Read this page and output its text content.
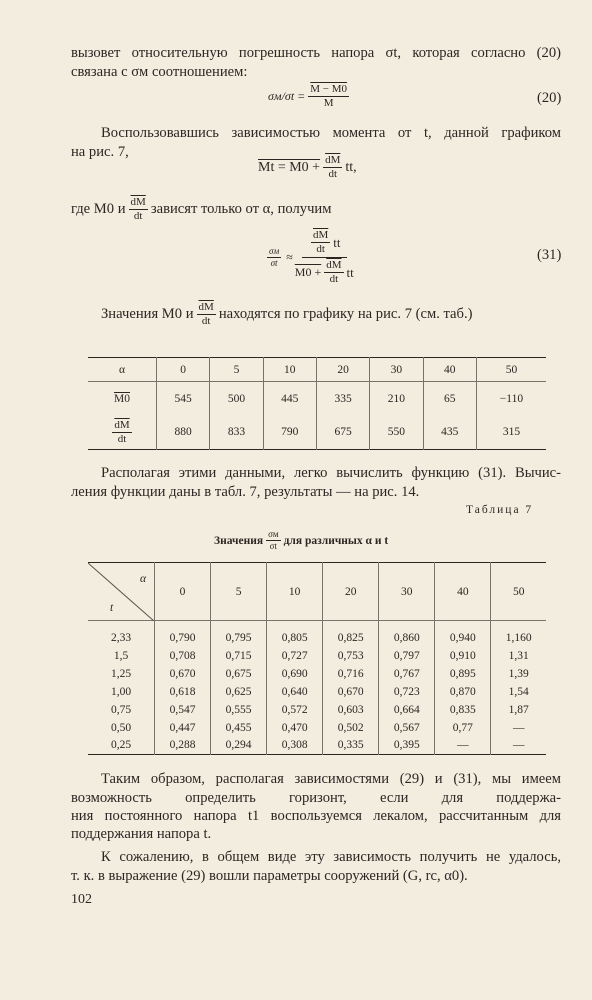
вызовет относительную погрешность напора σt, которая согласно (20)

связана с σм соотношением:

$\sigma м/\sigma t = \frac{M - M0}{M}$	(20)

Воспользовавшись зависимостью момента от t, данной графиком

на рис. 7,

$Mt = M0 + \frac{\overline{dM}}{dt}$ tt,
где M0 и $\frac{\overline{dM}}{dt}$ зависят только от α, получим
$\frac{\sigma м}{\sigma t} \approx \frac{\frac{\overline{dM}}{dt} tt}{M0 + \frac{\overline{dM}}{dt} tt}$	(31)
Значения M0 и $\frac{\overline{dM}}{dt}$ находятся по графику на рис. 7 (см. таб.)
α	0	5	10	20	30	40	50
M0	545	500	445	335	210	65	−110

$\frac{\overline{dM}}{dt}$	880	833	790	675	550	435	315

Располагая этими данными, легко вычислить функцию (31). Вычис-

ления функции даны в табл. 7, результаты — на рис. 14.

Таблица 7
Значения $\frac{\sigma м}{\sigma t}$ для различных α и t
α
t	0	5	10	20	30	40	50

2,33	0,790	0,795	0,805	0,825	0,860	0,940	1,160
1,5	0,708	0,715	0,727	0,753	0,797	0,910	1,31
1,25	0,670	0,675	0,690	0,716	0,767	0,895	1,39
1,00	0,618	0,625	0,640	0,670	0,723	0,870	1,54
0,75	0,547	0,555	0,572	0,603	0,664	0,835	1,87
0,50	0,447	0,455	0,470	0,502	0,567	0,77	—
0,25	0,288	0,294	0,308	0,335	0,395	—	—

Таким образом, располагая зависимостями (29) и (31), мы имеем

возможность определить горизонт, если для поддержа-

ния постоянного напора t1 воспользуемся лекалом, рассчитанным для

поддержания напора t.

К сожалению, в общем виде эту зависимость получить не удалось,

т. к. в выражение (29) вошли параметры сооружений (G, rc, α0).

102
